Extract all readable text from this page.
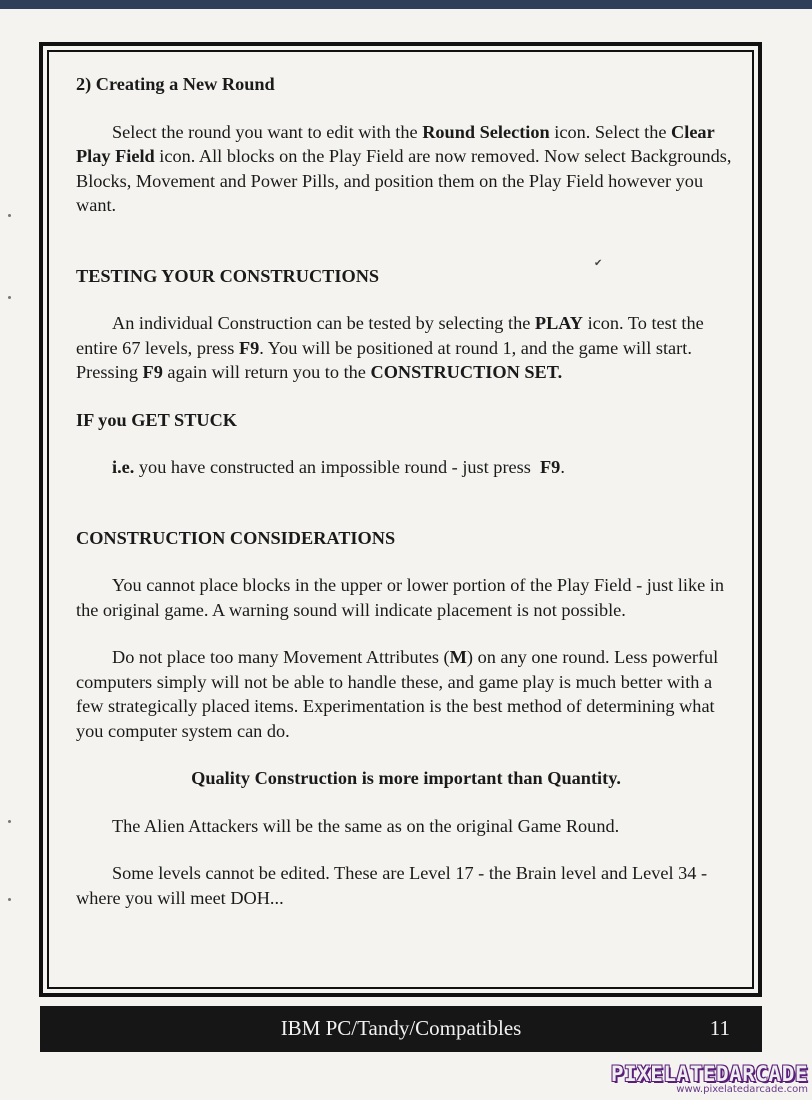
✔

2) Creating a New Round

Select the round you want to edit with the Round Selection icon. Select the Clear Play Field icon. All blocks on the Play Field are now removed. Now select Backgrounds, Blocks, Movement and Power Pills, and position them on the Play Field however you want.

TESTING YOUR CONSTRUCTIONS

An individual Construction can be tested by selecting the PLAY icon. To test the entire 67 levels, press F9. You will be positioned at round 1, and the game will start. Pressing F9 again will return you to the CONSTRUCTION SET.

IF you GET STUCK

i.e. you have constructed an impossible round - just press  F9.

CONSTRUCTION CONSIDERATIONS

You cannot place blocks in the upper or lower portion of the Play Field - just like in the original game. A warning sound will indicate placement is not possible.

Do not place too many Movement Attributes (M) on any one round. Less powerful computers simply will not be able to handle these, and game play is much better with a few strategically placed items. Experimentation is the best method of determining what you computer system can do.

Quality Construction is more important than Quantity.

The Alien Attackers will be the same as on the original Game Round.

Some levels cannot be edited. These are Level 17 - the Brain level and Level 34 - where you will meet DOH...

IBM PC/Tandy/Compatibles	11
PIXELATEDARCADE
www.pixelatedarcade.com
